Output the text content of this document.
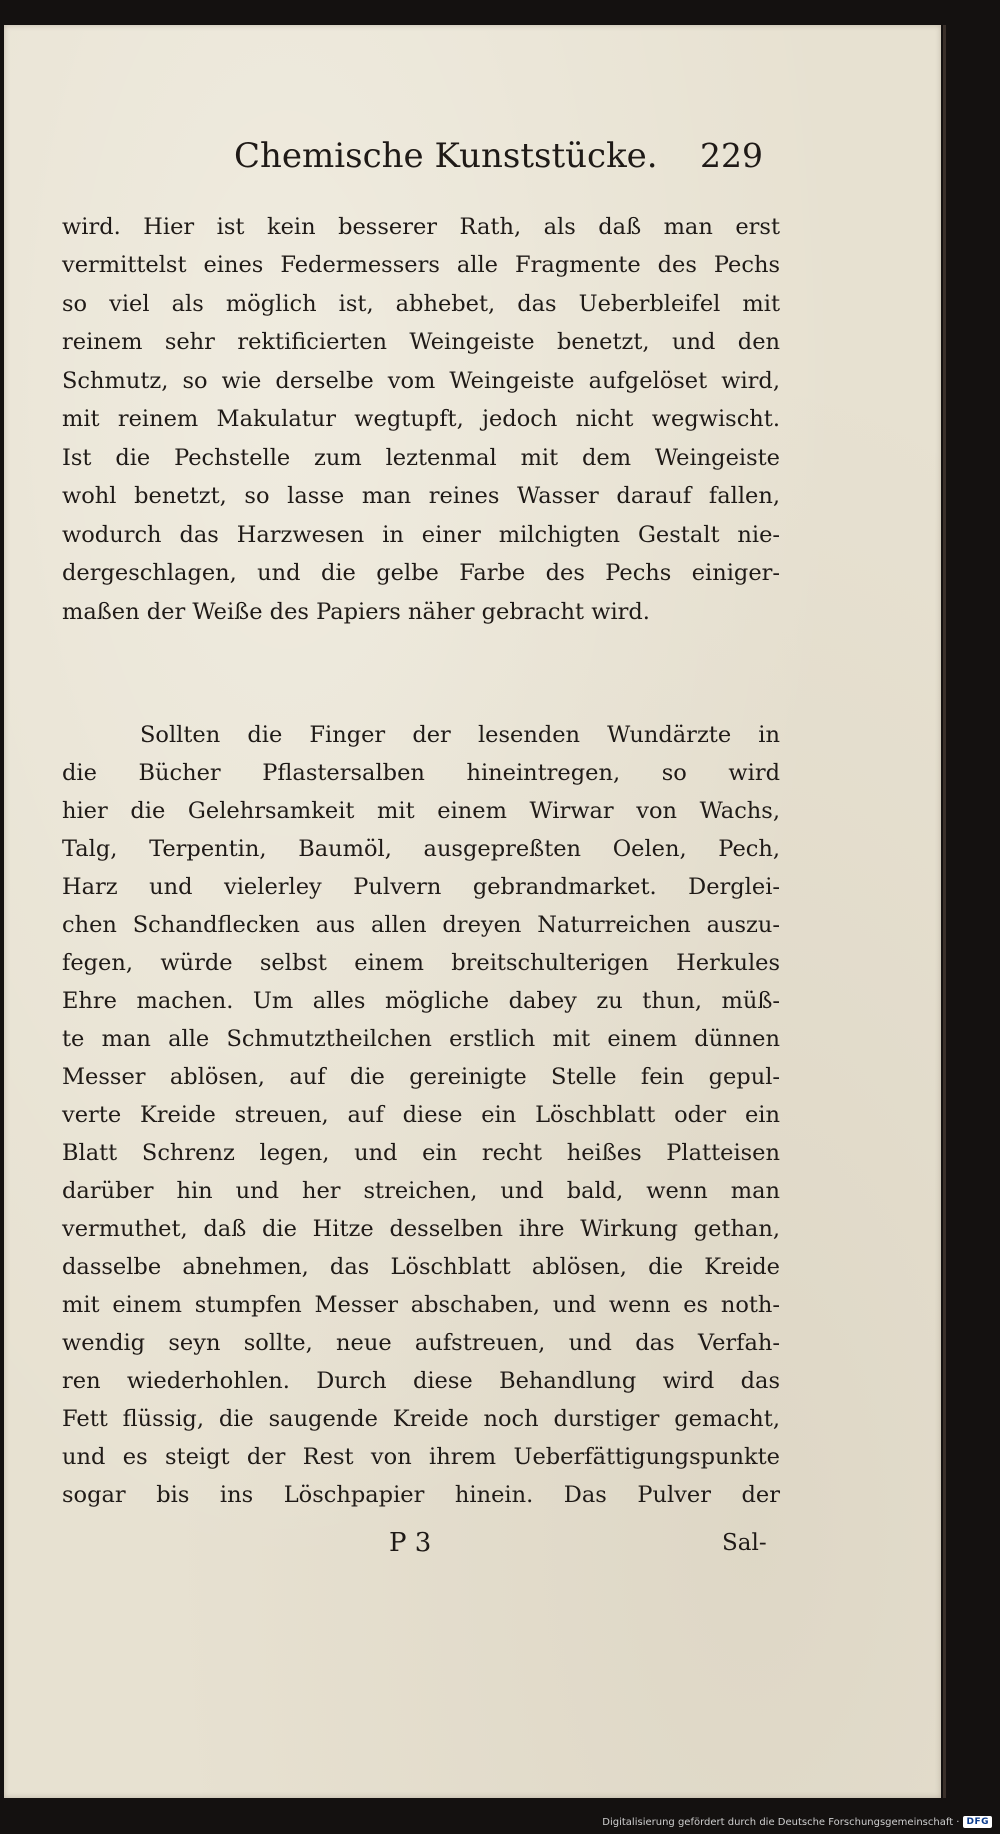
Chemische Kunststücke. 229
wird. Hier ist kein besserer Rath, als daß man erst
vermittelst eines Federmessers alle Fragmente des Pechs
so viel als möglich ist, abhebet, das Ueberbleifel mit
reinem sehr rektificierten Weingeiste benetzt, und den
Schmutz, so wie derselbe vom Weingeiste aufgelöset wird,
mit reinem Makulatur wegtupft, jedoch nicht wegwischt.
Ist die Pechstelle zum leztenmal mit dem Weingeiste
wohl benetzt, so lasse man reines Wasser darauf fallen,
wodurch das Harzwesen in einer milchigten Gestalt nie-
dergeschlagen, und die gelbe Farbe des Pechs einiger-
maßen der Weiße des Papiers näher gebracht wird.
Sollten die Finger der lesenden Wundärzte in
die Bücher Pflastersalben hineintregen, so wird
hier die Gelehrsamkeit mit einem Wirwar von Wachs,
Talg, Terpentin, Baumöl, ausgepreßten Oelen, Pech,
Harz und vielerley Pulvern gebrandmarket. Derglei-
chen Schandflecken aus allen dreyen Naturreichen auszu-
fegen, würde selbst einem breitschulterigen Herkules
Ehre machen. Um alles mögliche dabey zu thun, müß-
te man alle Schmutztheilchen erstlich mit einem dünnen
Messer ablösen, auf die gereinigte Stelle fein gepul-
verte Kreide streuen, auf diese ein Löschblatt oder ein
Blatt Schrenz legen, und ein recht heißes Platteisen
darüber hin und her streichen, und bald, wenn man
vermuthet, daß die Hitze desselben ihre Wirkung gethan,
dasselbe abnehmen, das Löschblatt ablösen, die Kreide
mit einem stumpfen Messer abschaben, und wenn es noth-
wendig seyn sollte, neue aufstreuen, und das Verfah-
ren wiederhohlen. Durch diese Behandlung wird das
Fett flüssig, die saugende Kreide noch durstiger gemacht,
und es steigt der Rest von ihrem Ueberfättigungspunkte
sogar bis ins Löschpapier hinein. Das Pulver der
P 3	Sal-
Digitalisierung gefördert durch die Deutsche Forschungsgemeinschaft · DFG
